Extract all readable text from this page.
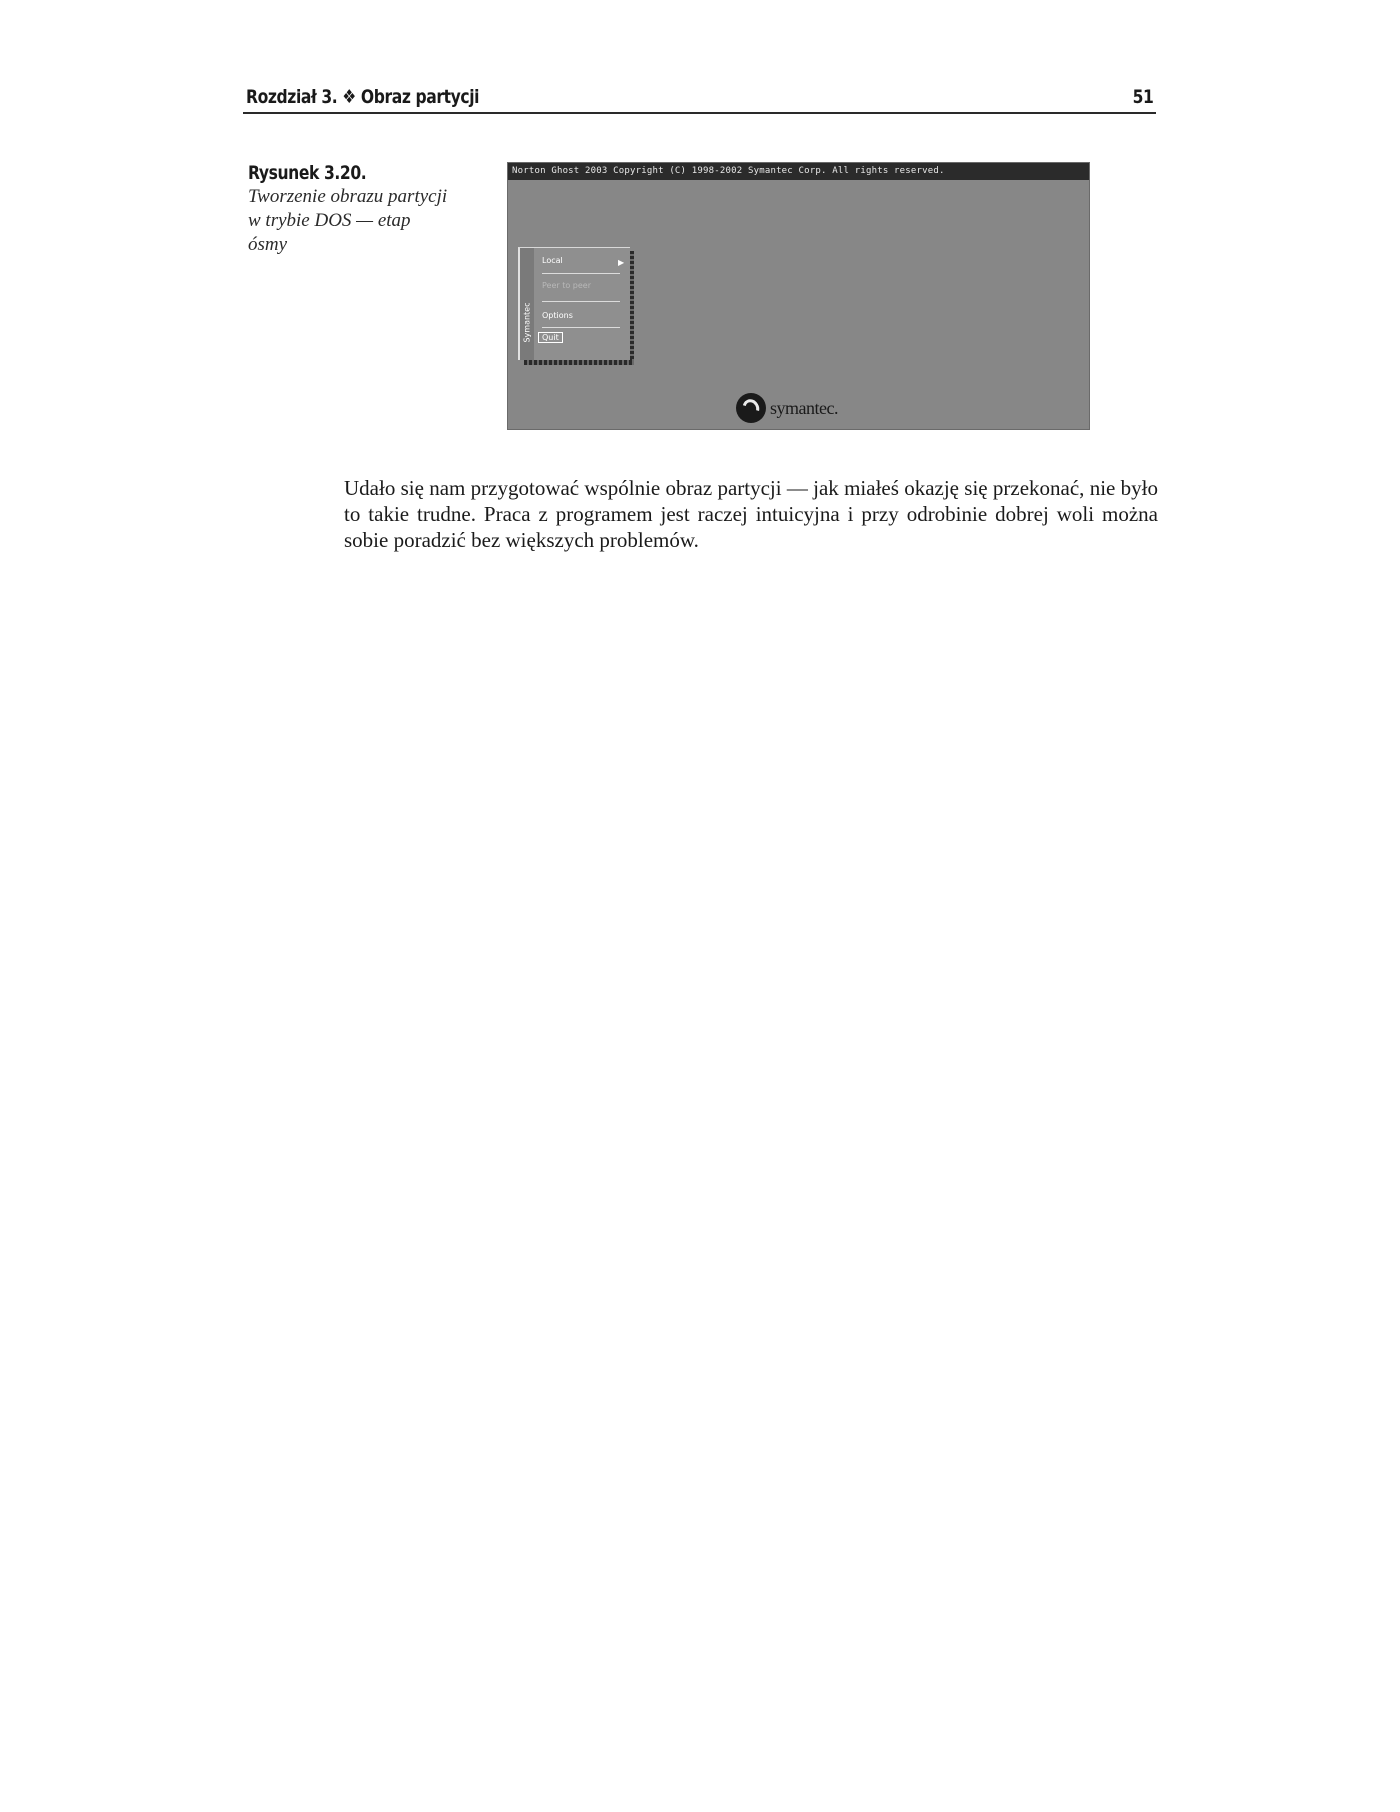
Rozdział 3. ❖ Obraz partycji	51
Rysunek 3.20.
Tworzenie obrazu partycji w trybie DOS — etap ósmy
Norton Ghost 2003 Copyright (C) 1998-2002 Symantec Corp. All rights reserved.
Symantec
Local	▶
Peer to peer
Options
Quit
symantec.

Udało się nam przygotować wspólnie obraz partycji — jak miałeś okazję się przekonać, nie było to takie trudne. Praca z programem jest raczej intuicyjna i przy odrobinie dobrej woli można sobie poradzić bez większych problemów.
